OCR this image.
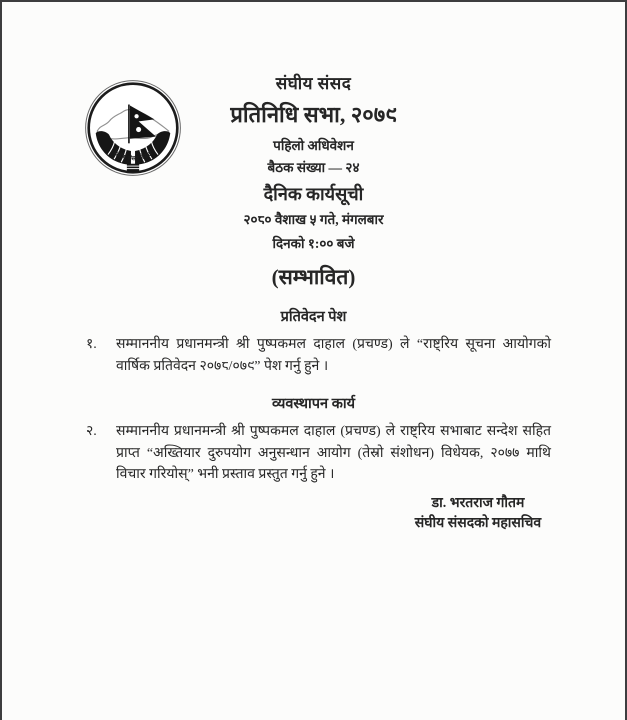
संघीय संसद नेपाल
संघीय संसद
प्रतिनिधि सभा, २०७९
पहिलो अधिवेशन
बैठक संख्या — २४
दैनिक कार्यसूची
२०८० वैशाख ५ गते, मंगलबार
दिनको १:०० बजे
(सम्भावित)
प्रतिवेदन पेश
१.	सम्माननीय प्रधानमन्त्री श्री पुष्पकमल दाहाल (प्रचण्ड) ले “राष्ट्रिय सूचना आयोगको वार्षिक प्रतिवेदन २०७८/०७९” पेश गर्नु हुने ।
व्यवस्थापन कार्य
२.	सम्माननीय प्रधानमन्त्री श्री पुष्पकमल दाहाल (प्रचण्ड) ले राष्ट्रिय सभाबाट सन्देश सहित प्राप्त “अख्तियार दुरुपयोग अनुसन्धान आयोग (तेस्रो संशोधन) विधेयक, २०७७ माथि विचार गरियोस्” भनी प्रस्ताव प्रस्तुत गर्नु हुने ।
डा. भरतराज गौतम
संघीय संसदको महासचिव
